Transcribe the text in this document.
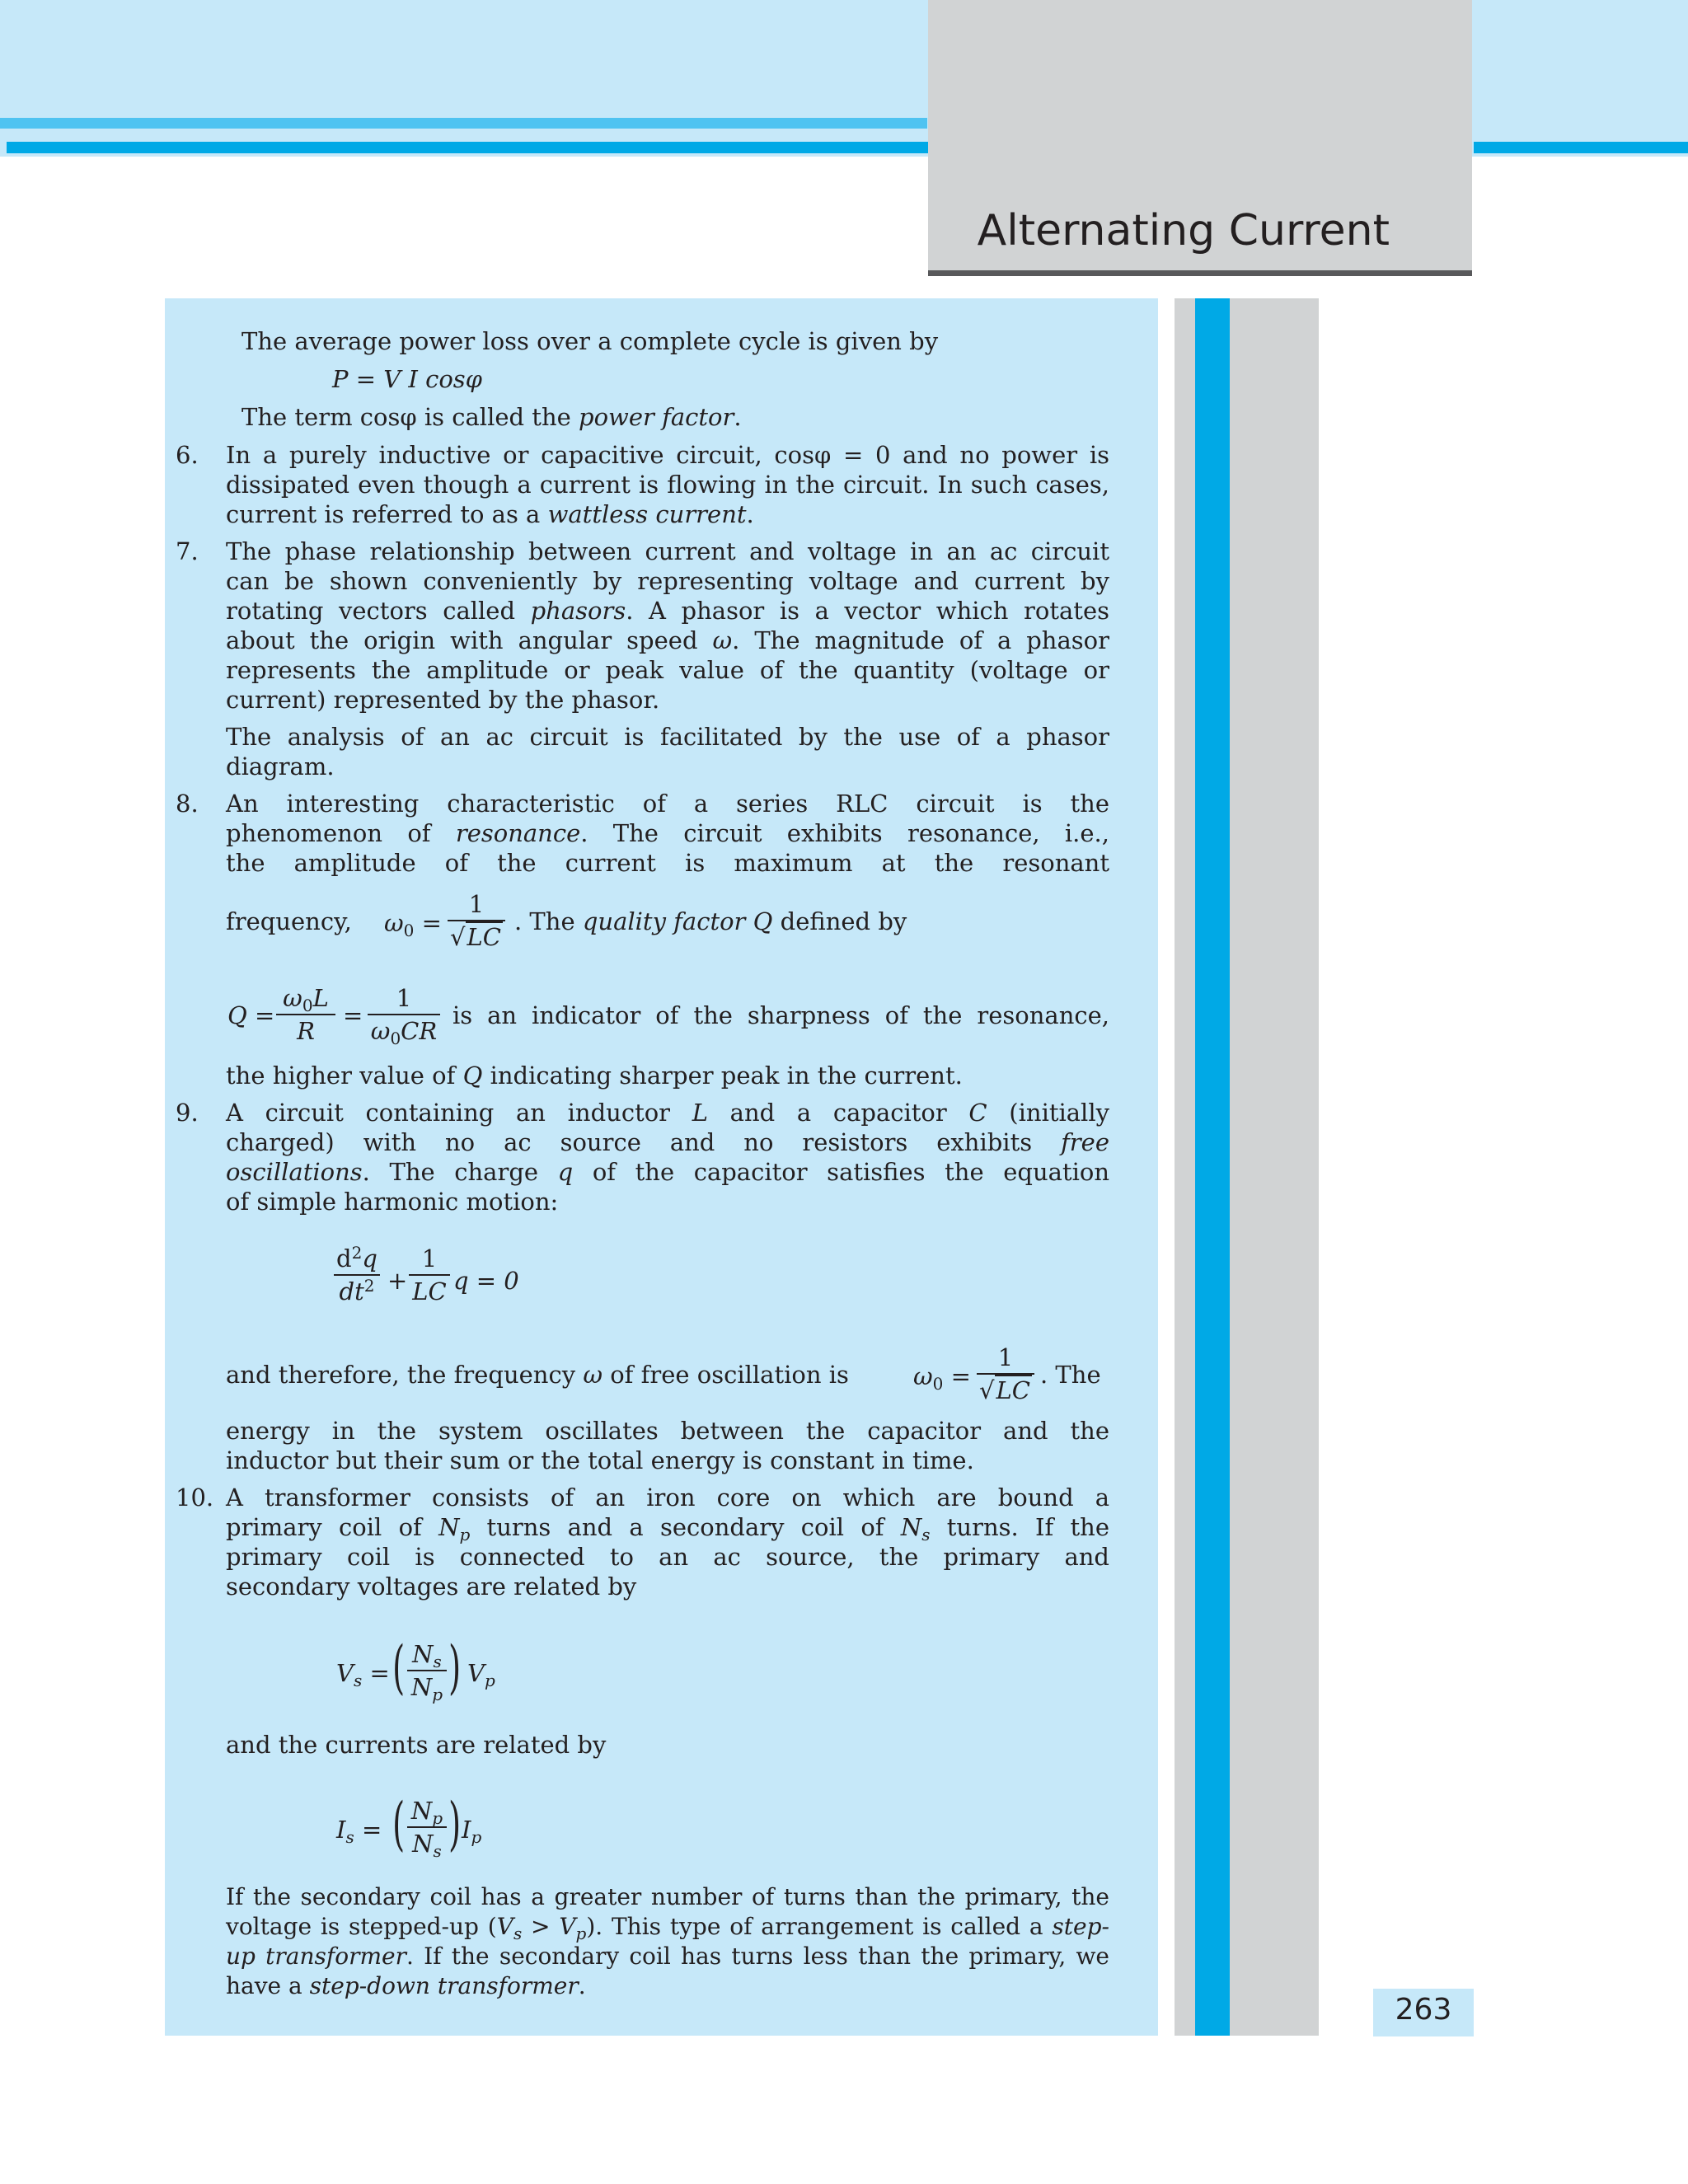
Alternating Current
263
The average power loss over a complete cycle is given by
P = V I cosφ
The term cosφ is called the power factor.
6. In a purely inductive or capacitive circuit, cosφ = 0 and no power is
dissipated even though a current is flowing in the circuit. In such cases,
current is referred to as a wattless current.
7. The phase relationship between current and voltage in an ac circuit
can be shown conveniently by representing voltage and current by
rotating vectors called phasors. A phasor is a vector which rotates
about the origin with angular speed ω. The magnitude of a phasor
represents the amplitude or peak value of the quantity (voltage or
current) represented by the phasor.
The analysis of an ac circuit is facilitated by the use of a phasor
diagram.
8. An interesting characteristic of a series RLC circuit is the
phenomenon of resonance. The circuit exhibits resonance, i.e.,
the amplitude of the current is maximum at the resonant
frequency, $\omega_0$ =
1
√LC
. The quality factor Q defined by
Q =
$\omega_0L$
R
=
1
$\omega_0CR$
is an indicator of the sharpness of the resonance,
the higher value of Q indicating sharper peak in the current.
9. A circuit containing an inductor L and a capacitor C (initially
charged) with no ac source and no resistors exhibits free
oscillations. The charge q of the capacitor satisfies the equation
of simple harmonic motion:
$d^2q$
$dt^2$ +
1
LC q = 0
and therefore, the frequency ω of free oscillation is	$\omega_0$ =
1
√LC
. The
energy in the system oscillates between the capacitor and the
inductor but their sum or the total energy is constant in time.
10. A transformer consists of an iron core on which are bound a
primary coil of $N_p$ turns and a secondary coil of $N_s$ turns. If the
primary coil is connected to an ac source, the primary and
secondary voltages are related by
$V_s$ = ( $N_s$
$N_p$ ) $V_p$
and the currents are related by
$I_s$ = ( $N_p$
$N_s$ ) $I_p$
If the secondary coil has a greater number of turns than the primary, the
voltage is stepped-up $(V_s > V_p)$. This type of arrangement is called a step-
up transformer. If the secondary coil has turns less than the primary, we
have a step-down transformer.
